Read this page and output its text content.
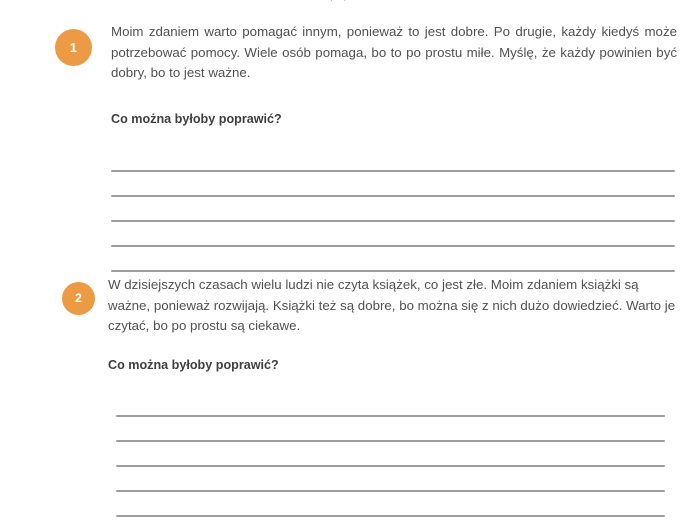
1

Moim zdaniem warto pomagać innym, ponieważ to jest dobre. Po drugie, każdy kiedyś może potrzebować pomocy. Wiele osób pomaga, bo to po prostu miłe. Myślę, że każdy powinien być dobry, bo to jest ważne.

Co można byłoby poprawić?

2

W dzisiejszych czasach wielu ludzi nie czyta książek, co jest złe. Moim zdaniem książki są ważne, ponieważ rozwijają. Książki też są dobre, bo można się z nich dużo dowiedzieć. Warto je czytać, bo po prostu są ciekawe.

Co można byłoby poprawić?
